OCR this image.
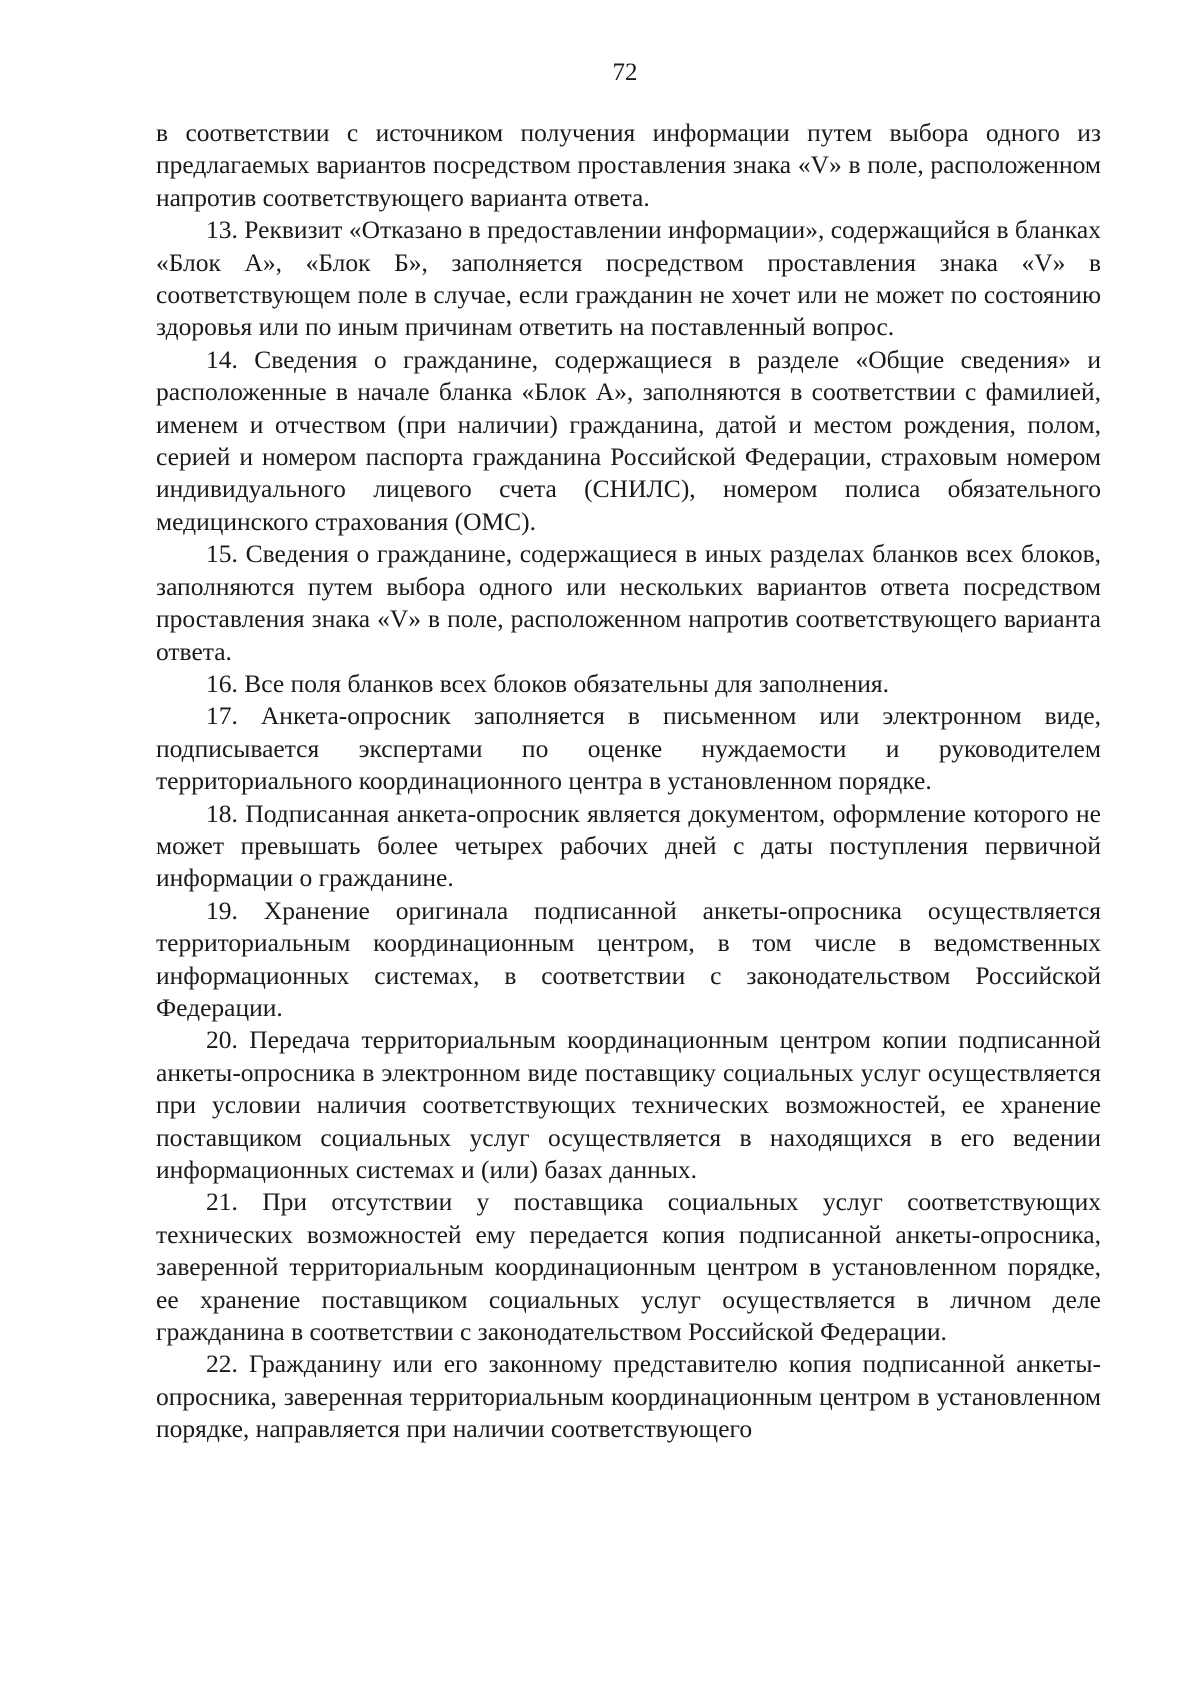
72

в соответствии с источником получения информации путем выбора одного из предлагаемых вариантов посредством проставления знака «V» в поле, расположенном напротив соответствующего варианта ответа.

13. Реквизит «Отказано в предоставлении информации», содержащийся в бланках «Блок А», «Блок Б», заполняется посредством проставления знака «V» в соответствующем поле в случае, если гражданин не хочет или не может по состоянию здоровья или по иным причинам ответить на поставленный вопрос.

14. Сведения о гражданине, содержащиеся в разделе «Общие сведения» и расположенные в начале бланка «Блок А», заполняются в соответствии с фамилией, именем и отчеством (при наличии) гражданина, датой и местом рождения, полом, серией и номером паспорта гражданина Российской Федерации, страховым номером индивидуального лицевого счета (СНИЛС), номером полиса обязательного медицинского страхования (ОМС).

15. Сведения о гражданине, содержащиеся в иных разделах бланков всех блоков, заполняются путем выбора одного или нескольких вариантов ответа посредством проставления знака «V» в поле, расположенном напротив соответствующего варианта ответа.

16. Все поля бланков всех блоков обязательны для заполнения.

17. Анкета-опросник заполняется в письменном или электронном виде, подписывается экспертами по оценке нуждаемости и руководителем территориального координационного центра в установленном порядке.

18. Подписанная анкета-опросник является документом, оформление которого не может превышать более четырех рабочих дней с даты поступления первичной информации о гражданине.

19. Хранение оригинала подписанной анкеты-опросника осуществляется территориальным координационным центром, в том числе в ведомственных информационных системах, в соответствии с законодательством Российской Федерации.

20. Передача территориальным координационным центром копии подписанной анкеты-опросника в электронном виде поставщику социальных услуг осуществляется при условии наличия соответствующих технических возможностей, ее хранение поставщиком социальных услуг осуществляется в находящихся в его ведении информационных системах и (или) базах данных.

21. При отсутствии у поставщика социальных услуг соответствующих технических возможностей ему передается копия подписанной анкеты-опросника, заверенной территориальным координационным центром в установленном порядке, ее хранение поставщиком социальных услуг осуществляется в личном деле гражданина в соответствии с законодательством Российской Федерации.

22. Гражданину или его законному представителю копия подписанной анкеты-опросника, заверенная территориальным координационным центром в установленном порядке, направляется при наличии соответствующего
